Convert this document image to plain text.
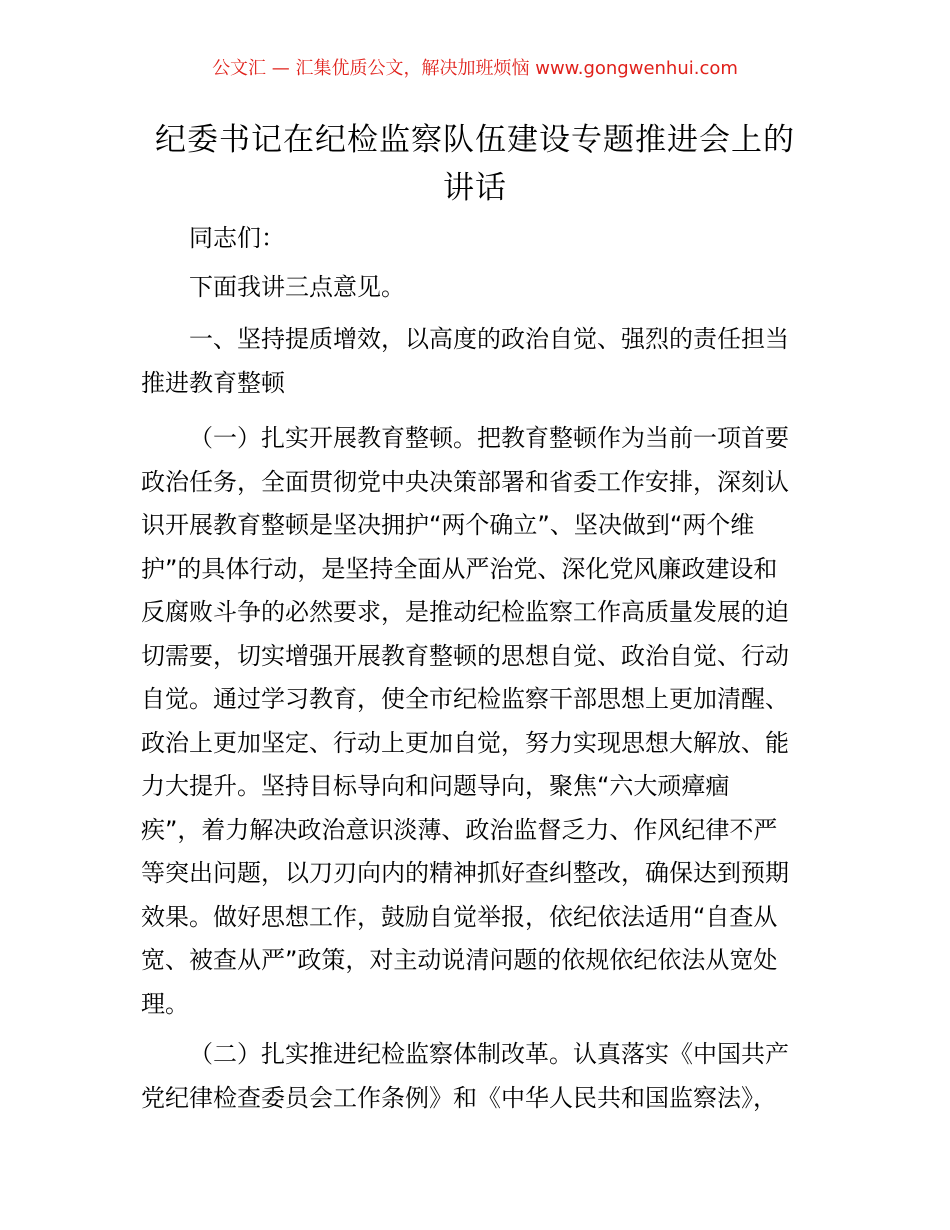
公文汇 — 汇集优质公文，解决加班烦恼 www.gongwenhui.com
纪委书记在纪检监察队伍建设专题推进会上的
讲话

同志们：

下面我讲三点意见。

一、坚持提质增效，以高度的政治自觉、强烈的责任担当
推进教育整顿

（一）扎实开展教育整顿。把教育整顿作为当前一项首要
政治任务，全面贯彻党中央决策部署和省委工作安排，深刻认
识开展教育整顿是坚决拥护“两个确立”、坚决做到“两个维
护”的具体行动，是坚持全面从严治党、深化党风廉政建设和
反腐败斗争的必然要求，是推动纪检监察工作高质量发展的迫
切需要，切实增强开展教育整顿的思想自觉、政治自觉、行动
自觉。通过学习教育，使全市纪检监察干部思想上更加清醒、
政治上更加坚定、行动上更加自觉，努力实现思想大解放、能
力大提升。坚持目标导向和问题导向，聚焦“六大顽瘴痼
疾”，着力解决政治意识淡薄、政治监督乏力、作风纪律不严
等突出问题，以刀刃向内的精神抓好查纠整改，确保达到预期
效果。做好思想工作，鼓励自觉举报，依纪依法适用“自查从
宽、被查从严”政策，对主动说清问题的依规依纪依法从宽处
理。

（二）扎实推进纪检监察体制改革。认真落实《中国共产
党纪律检查委员会工作条例》和《中华人民共和国监察法》，
